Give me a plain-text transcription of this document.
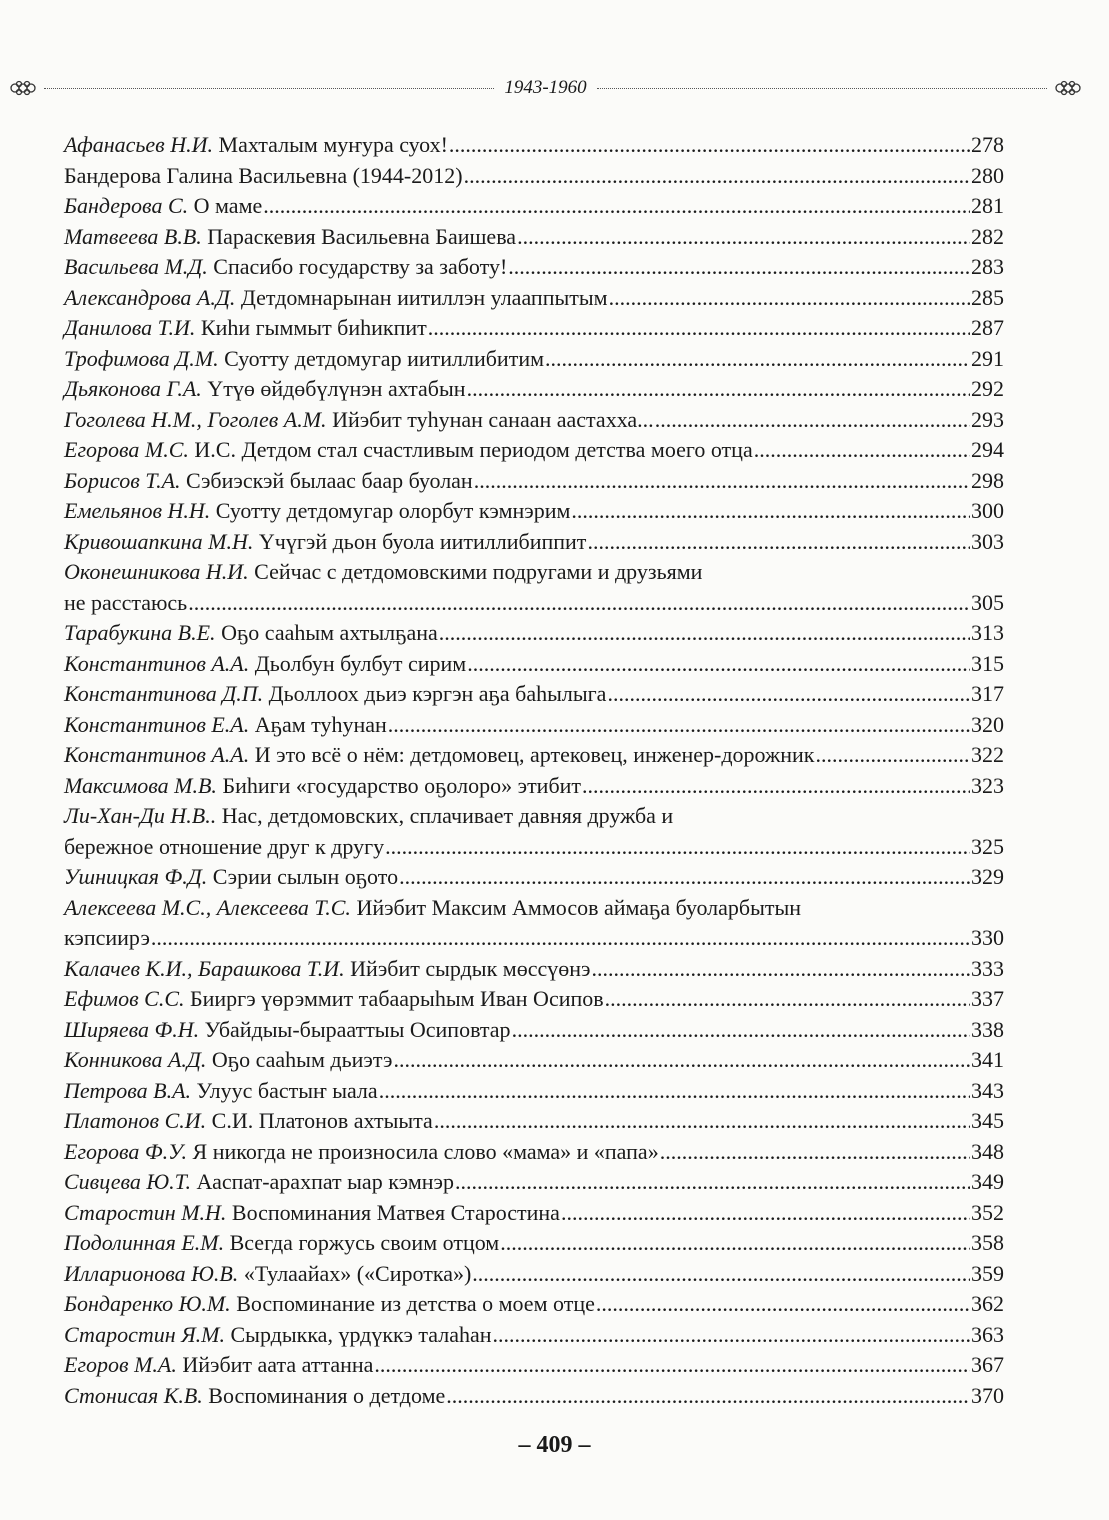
1943-1960
Афанасьев Н.И. Махталым муҥура суох! .....	278
Бандерова Галина Васильевна (1944-2012) .....	280
Бандерова С. О маме .....	281
Матвеева В.В. Параскевия Васильевна Баишева .....	282
Васильева М.Д. Спасибо государству за заботу! .....	283
Александрова А.Д. Детдомнарынан иитиллэн улааппытым .....	285
Данилова Т.И. Киһи гыммыт биһикпит .....	287
Трофимова Д.М. Суотту детдомугар иитиллибитим .....	291
Дьяконова Г.А. Үтүө өйдөбүлүнэн ахтабын .....	292
Гоголева Н.М., Гоголев А.М. Ийэбит туһунан санаан аастахха... .....	293
Егорова М.С. И.С. Детдом стал счастливым периодом детства моего отца .....	294
Борисов Т.А. Сэбиэскэй былаас баар буолан .....	298
Емельянов Н.Н. Суотту детдомугар олорбут кэмнэрим .....	300
Кривошапкина М.Н. Үчүгэй дьон буола иитиллибиппит .....	303
Оконешникова Н.И. Сейчас с детдомовскими подругами и друзьями
не расстаюсь .....	305
Тарабукина В.Е. Оҕо сааһым ахтылҕана .....	313
Константинов А.А. Дьолбун булбут сирим .....	315
Константинова Д.П. Дьоллоох дьиэ кэргэн аҕа баһылыга .....	317
Константинов Е.А. Аҕам туһунан .....	320
Константинов А.А. И это всё о нём: детдомовец, артековец, инженер-дорожник .....	322
Максимова М.В. Биһиги «государство оҕолоро» этибит .....	323
Ли-Хан-Ди Н.В.. Нас, детдомовских, сплачивает давняя дружба и
бережное отношение друг к другу .....	325
Ушницкая Ф.Д. Сэрии сылын оҕото .....	329
Алексеева М.С., Алексеева Т.С. Ийэбит Максим Аммосов аймаҕа буоларбытын
кэпсиирэ .....	330
Калачев К.И., Барашкова Т.И. Ийэбит сырдык мөссүөнэ .....	333
Ефимов С.С. Бииргэ үөрэммит табаарыһым Иван Осипов .....	337
Ширяева Ф.Н. Убайдыы-бырааттыы Осиповтар .....	338
Конникова А.Д. Оҕо сааһым дьиэтэ .....	341
Петрова В.А. Улуус бастыҥ ыала .....	343
Платонов С.И. С.И. Платонов ахтыыта .....	345
Егорова Ф.У. Я никогда не произносила слово «мама» и «папа» .....	348
Сивцева Ю.Т. Ааспат-арахпат ыар кэмнэр .....	349
Старостин М.Н. Воспоминания Матвея Старостина .....	352
Подолинная Е.М. Всегда горжусь своим отцом .....	358
Илларионова Ю.В. «Тулаайах» («Сиротка») .....	359
Бондаренко Ю.М. Воспоминание из детства о моем отце .....	362
Старостин Я.М. Сырдыкка, үрдүккэ талаһан .....	363
Егоров М.А. Ийэбит аата аттанна .....	367
Стонисая К.В. Воспоминания о детдоме .....	370
– 409 –
